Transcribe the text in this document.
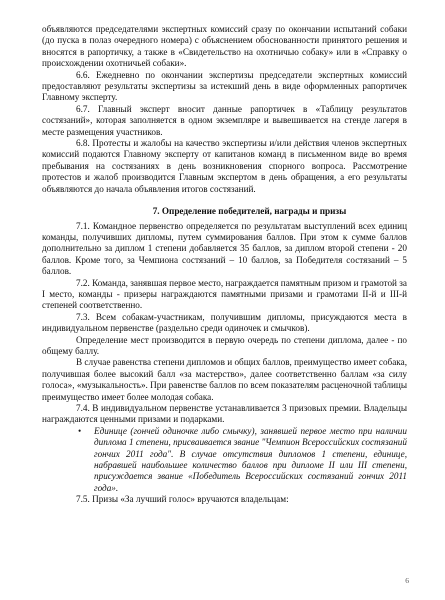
объявляются председателями экспертных комиссий сразу по окончании испытаний собаки (до пуска в полаз очередного номера) с объяснением обоснованности принятого решения и вносятся в рапортичку, а также в «Свидетельство на охотничью собаку» или в «Справку о происхождении охотничьей собаки».

6.6. Ежедневно по окончании экспертизы председатели экспертных комиссий предоставляют результаты экспертизы за истекший день в виде оформленных рапортичек Главному эксперту.

6.7. Главный эксперт вносит данные рапортичек в «Таблицу результатов состязаний», которая заполняется в одном экземпляре и вывешивается на стенде лагеря в месте размещения участников.

6.8. Протесты и жалобы на качество экспертизы и/или действия членов экспертных комиссий подаются Главному эксперту от капитанов команд в письменном виде во время пребывания на состязаниях в день возникновения спорного вопроса. Рассмотрение протестов и жалоб производится Главным экспертом в день обращения, а его результаты объявляются до начала объявления итогов состязаний.

7. Определение победителей, награды и призы

7.1. Командное первенство определяется по результатам выступлений всех единиц команды, получивших дипломы, путем суммирования баллов. При этом к сумме баллов дополнительно за диплом 1 степени добавляется 35 баллов, за диплом второй степени - 20 баллов. Кроме того, за Чемпиона состязаний – 10 баллов, за Победителя состязаний – 5 баллов.

7.2. Команда, занявшая первое место, награждается памятным призом и грамотой за I место, команды - призеры награждаются памятными призами и грамотами II-й и III-й степеней соответственно.

7.3. Всем собакам-участникам, получившим дипломы, присуждаются места в индивидуальном первенстве (раздельно среди одиночек и смычков).

Определение мест производится в первую очередь по степени диплома, далее - по общему баллу.

В случае равенства степени дипломов и общих баллов, преимущество имеет собака, получившая более высокий балл «за мастерство», далее соответственно баллам «за силу голоса», «музыкальность». При равенстве баллов по всем показателям расценочной таблицы преимущество имеет более молодая собака.

7.4. В индивидуальном первенстве устанавливается 3 призовых премии. Владельцы награждаются ценными призами и подарками.

• Единице (гончей одиночке либо смычку), занявшей первое место при наличии диплома 1 степени, присваивается звание "Чемпион Всероссийских состязаний гончих 2011 года". В случае отсутствия дипломов 1 степени, единице, набравшей наибольшее количество баллов при дипломе II или III степени, присуждается звание «Победитель Всероссийских состязаний гончих 2011 года».

7.5. Призы «За лучший голос» вручаются владельцам:

6
